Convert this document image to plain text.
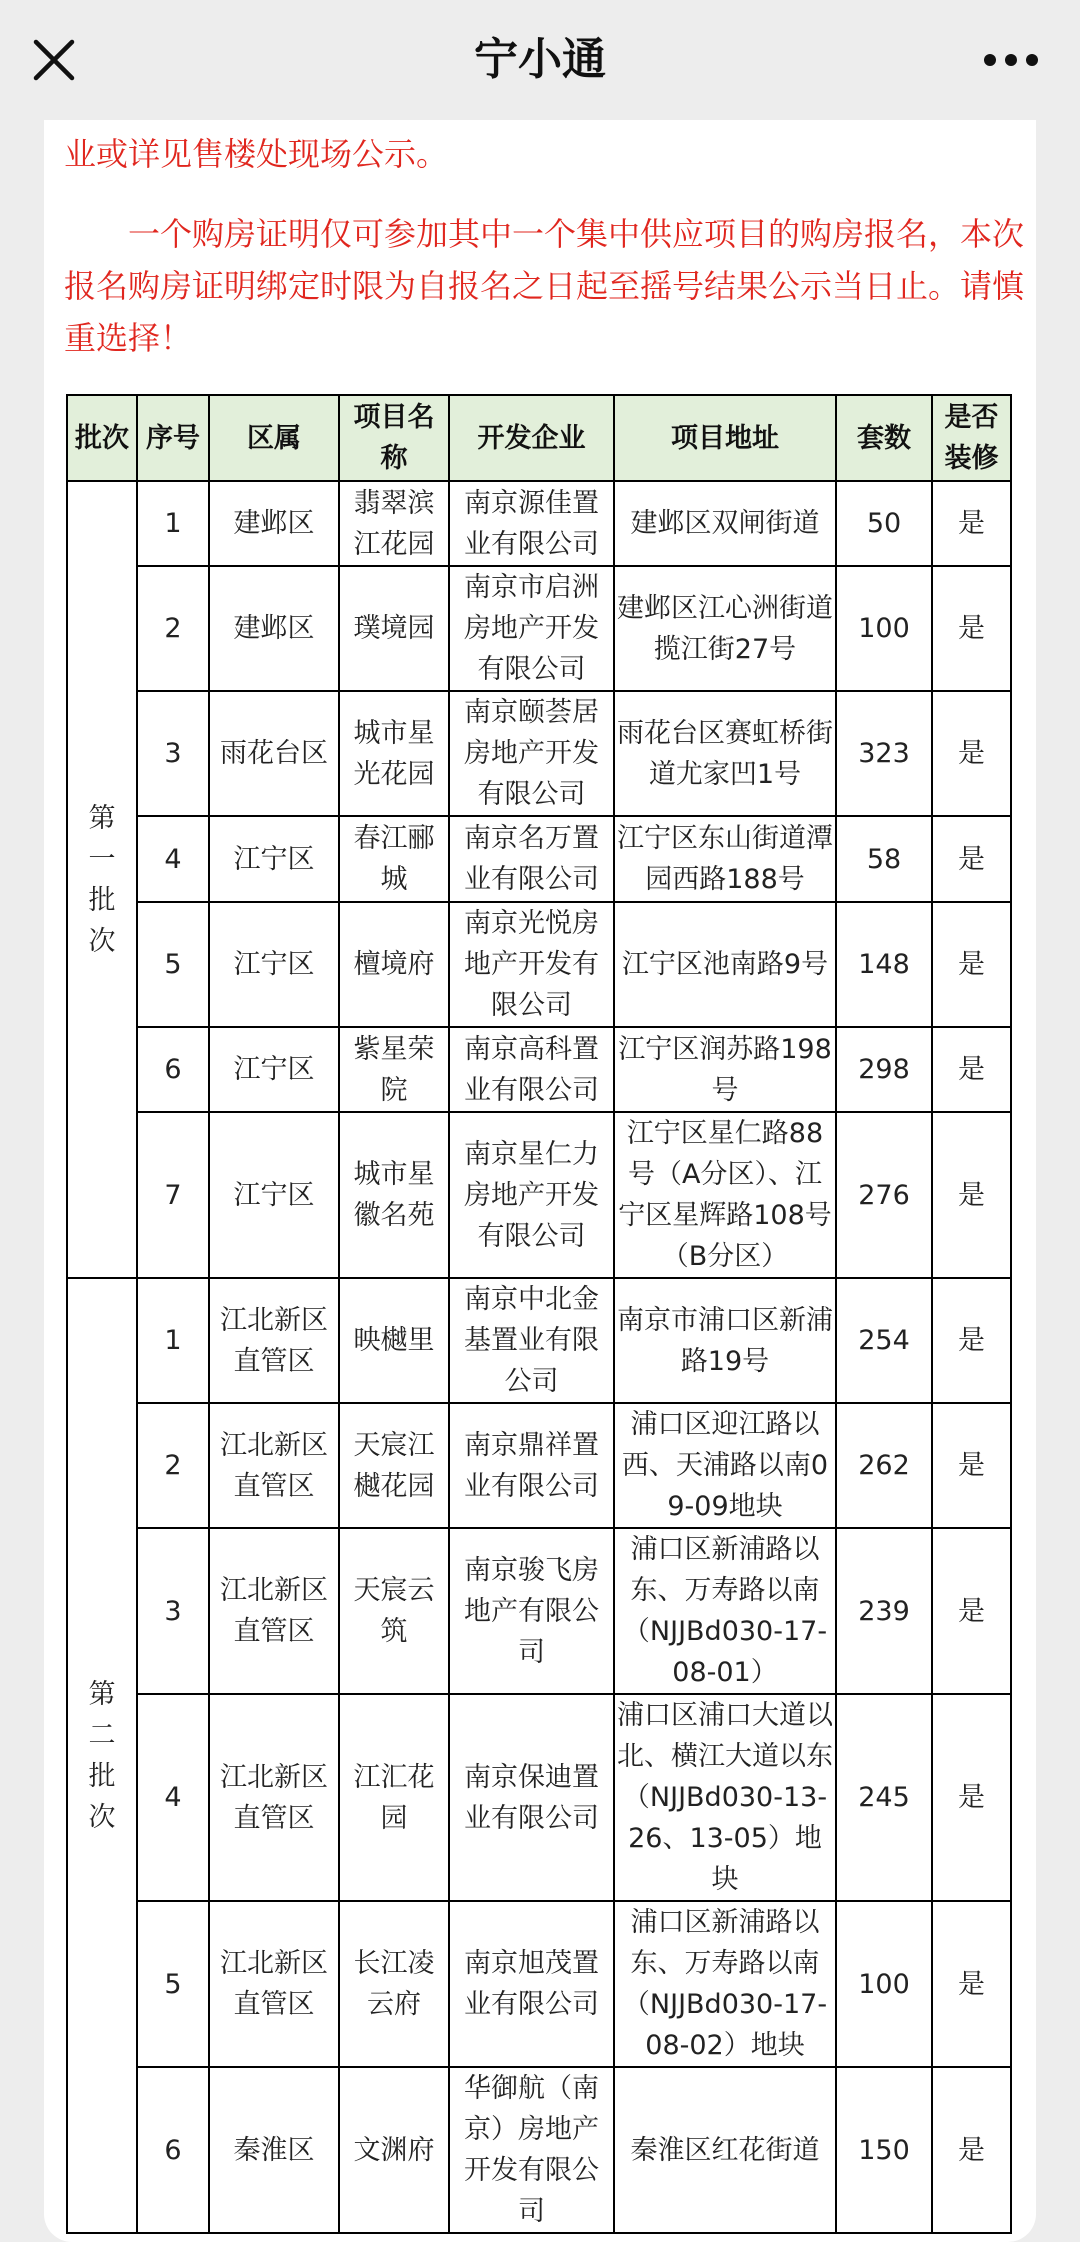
宁小通

业或详见售楼处现场公示。

一个购房证明仅可参加其中一个集中供应项目的购房报名，本次报名购房证明绑定时限为自报名之日起至摇号结果公示当日止。请慎重选择！

批次	序号	区属	项目名称	开发企业	项目地址	套数	是否装修
第一批次	1	建邺区	翡翠滨江花园	南京源佳置业有限公司	建邺区双闸街道	50	是
	2	建邺区	璞境园	南京市启洲房地产开发有限公司	建邺区江心洲街道揽江街27号	100	是
	3	雨花台区	城市星光花园	南京颐荟居房地产开发有限公司	雨花台区赛虹桥街道尤家凹1号	323	是
	4	江宁区	春江郦城	南京名万置业有限公司	江宁区东山街道潭园西路188号	58	是
	5	江宁区	檀境府	南京光悦房地产开发有限公司	江宁区池南路9号	148	是
	6	江宁区	紫星荣院	南京高科置业有限公司	江宁区润苏路198号	298	是
	7	江宁区	城市星徽名苑	南京星仁力房地产开发有限公司	江宁区星仁路88号（A分区）、江宁区星辉路108号（B分区）	276	是
第二批次	1	江北新区直管区	映樾里	南京中北金基置业有限公司	南京市浦口区新浦路19号	254	是
	2	江北新区直管区	天宸江樾花园	南京鼎祥置业有限公司	浦口区迎江路以西、天浦路以南09-09地块	262	是
	3	江北新区直管区	天宸云筑	南京骏飞房地产有限公司	浦口区新浦路以东、万寿路以南（NJJBd030-17-08-01）	239	是
	4	江北新区直管区	江汇花园	南京保迪置业有限公司	浦口区浦口大道以北、横江大道以东（NJJBd030-13-26、13-05）地块	245	是
	5	江北新区直管区	长江凌云府	南京旭茂置业有限公司	浦口区新浦路以东、万寿路以南（NJJBd030-17-08-02）地块	100	是
	6	秦淮区	文渊府	华御航（南京）房地产开发有限公司	秦淮区红花街道	150	是
